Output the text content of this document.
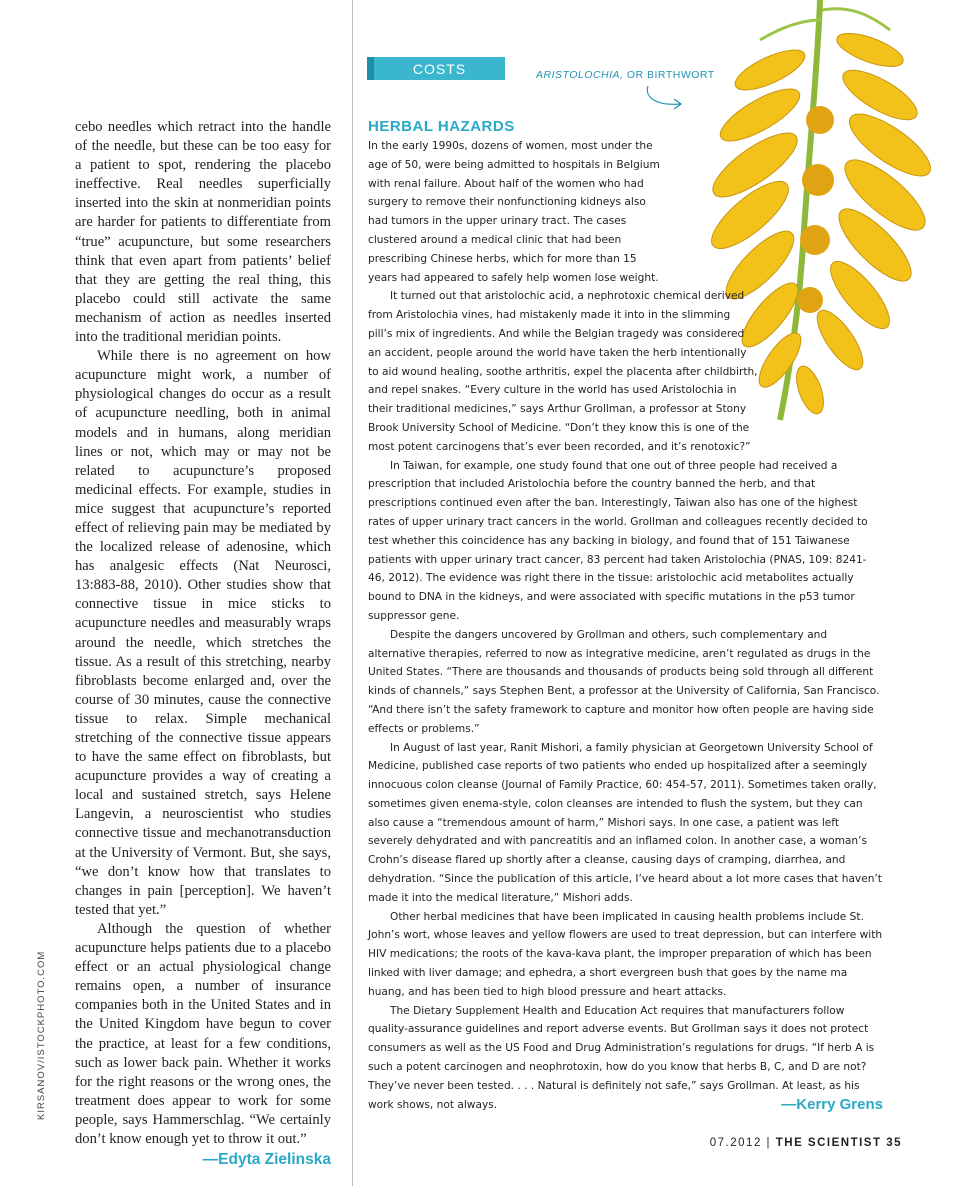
KIRSANOV/ISTOCKPHOTO.COM

cebo needles which retract into the handle of the needle, but these can be too easy for a patient to spot, rendering the placebo ineffective. Real needles superficially inserted into the skin at nonmeridian points are harder for patients to differentiate from “true” acupuncture, but some researchers think that even apart from patients’ belief that they are getting the real thing, this placebo could still activate the same mechanism of action as needles inserted into the traditional meridian points.

While there is no agreement on how acupuncture might work, a number of physiological changes do occur as a result of acupuncture needling, both in animal models and in humans, along meridian lines or not, which may or may not be related to acupuncture’s proposed medicinal effects. For example, studies in mice suggest that acupuncture’s reported effect of relieving pain may be mediated by the localized release of adenosine, which has analgesic effects (Nat Neurosci, 13:883-88, 2010). Other studies show that connective tissue in mice sticks to acupuncture needles and measurably wraps around the needle, which stretches the tissue. As a result of this stretching, nearby fibroblasts become enlarged and, over the course of 30 minutes, cause the connective tissue to relax. Simple mechanical stretching of the connective tissue appears to have the same effect on fibroblasts, but acupuncture provides a way of creating a local and sustained stretch, says Helene Langevin, a neuroscientist who studies connective tissue and mechanotransduction at the University of Vermont. But, she says, “we don’t know how that translates to changes in pain [perception]. We haven’t tested that yet.”

Although the question of whether acupuncture helps patients due to a placebo effect or an actual physiological change remains open, a number of insurance companies both in the United States and in the United Kingdom have begun to cover the practice, at least for a few conditions, such as lower back pain. Whether it works for the right reasons or the wrong ones, the treatment does appear to work for some people, says Hammerschlag. “We certainly don’t know enough yet to throw it out.”

—Edyta Zielinska
COSTS	ARISTOLOCHIA, OR BIRTHWORT
HERBAL HAZARDS

In the early 1990s, dozens of women, most under the age of 50, were being admitted to hospitals in Belgium with renal failure. About half of the women who had surgery to remove their nonfunctioning kidneys also had tumors in the upper urinary tract. The cases clustered around a medical clinic that had been prescribing Chinese herbs, which for more than 15 years had appeared to safely help women lose weight.

It turned out that aristolochic acid, a nephrotoxic chemical derived from Aristolochia vines, had mistakenly made it into in the slimming pill’s mix of ingredients. And while the Belgian tragedy was considered an accident, people around the world have taken the herb intentionally to aid wound healing, soothe arthritis, expel the placenta after childbirth, and repel snakes. “Every culture in the world has used Aristolochia in their traditional medicines,” says Arthur Grollman, a professor at Stony Brook University School of Medicine. “Don’t they know this is one of the most potent carcinogens that’s ever been recorded, and it’s renotoxic?”

In Taiwan, for example, one study found that one out of three people had received a prescription that included Aristolochia before the country banned the herb, and that prescriptions continued even after the ban. Interestingly, Taiwan also has one of the highest rates of upper urinary tract cancers in the world. Grollman and colleagues recently decided to test whether this coincidence has any backing in biology, and found that of 151 Taiwanese patients with upper urinary tract cancer, 83 percent had taken Aristolochia (PNAS, 109: 8241-46, 2012). The evidence was right there in the tissue: aristolochic acid metabolites actually bound to DNA in the kidneys, and were associated with specific mutations in the p53 tumor suppressor gene.

Despite the dangers uncovered by Grollman and others, such complementary and alternative therapies, referred to now as integrative medicine, aren’t regulated as drugs in the United States. “There are thousands and thousands of products being sold through all different kinds of channels,” says Stephen Bent, a professor at the University of California, San Francisco. “And there isn’t the safety framework to capture and monitor how often people are having side effects or problems.”

In August of last year, Ranit Mishori, a family physician at Georgetown University School of Medicine, published case reports of two patients who ended up hospitalized after a seemingly innocuous colon cleanse (Journal of Family Practice, 60: 454-57, 2011). Sometimes taken orally, sometimes given enema-style, colon cleanses are intended to flush the system, but they can also cause a “tremendous amount of harm,” Mishori says. In one case, a patient was left severely dehydrated and with pancreatitis and an inflamed colon. In another case, a woman’s Crohn’s disease flared up shortly after a cleanse, causing days of cramping, diarrhea, and dehydration. “Since the publication of this article, I’ve heard about a lot more cases that haven’t made it into the medical literature,” Mishori adds.

Other herbal medicines that have been implicated in causing health problems include St. John’s wort, whose leaves and yellow flowers are used to treat depression, but can interfere with HIV medications; the roots of the kava-kava plant, the improper preparation of which has been linked with liver damage; and ephedra, a short evergreen bush that goes by the name ma huang, and has been tied to high blood pressure and heart attacks.

The Dietary Supplement Health and Education Act requires that manufacturers follow quality-assurance guidelines and report adverse events. But Grollman says it does not protect consumers as well as the US Food and Drug Administration’s regulations for drugs. “If herb A is such a potent carcinogen and neophrotoxin, how do you know that herbs B, C, and D are not? They’ve never been tested. . . . Natural is definitely not safe,” says Grollman. At least, as his work shows, not always.	—Kerry Grens

07.2012 | THE SCIENTIST 35
